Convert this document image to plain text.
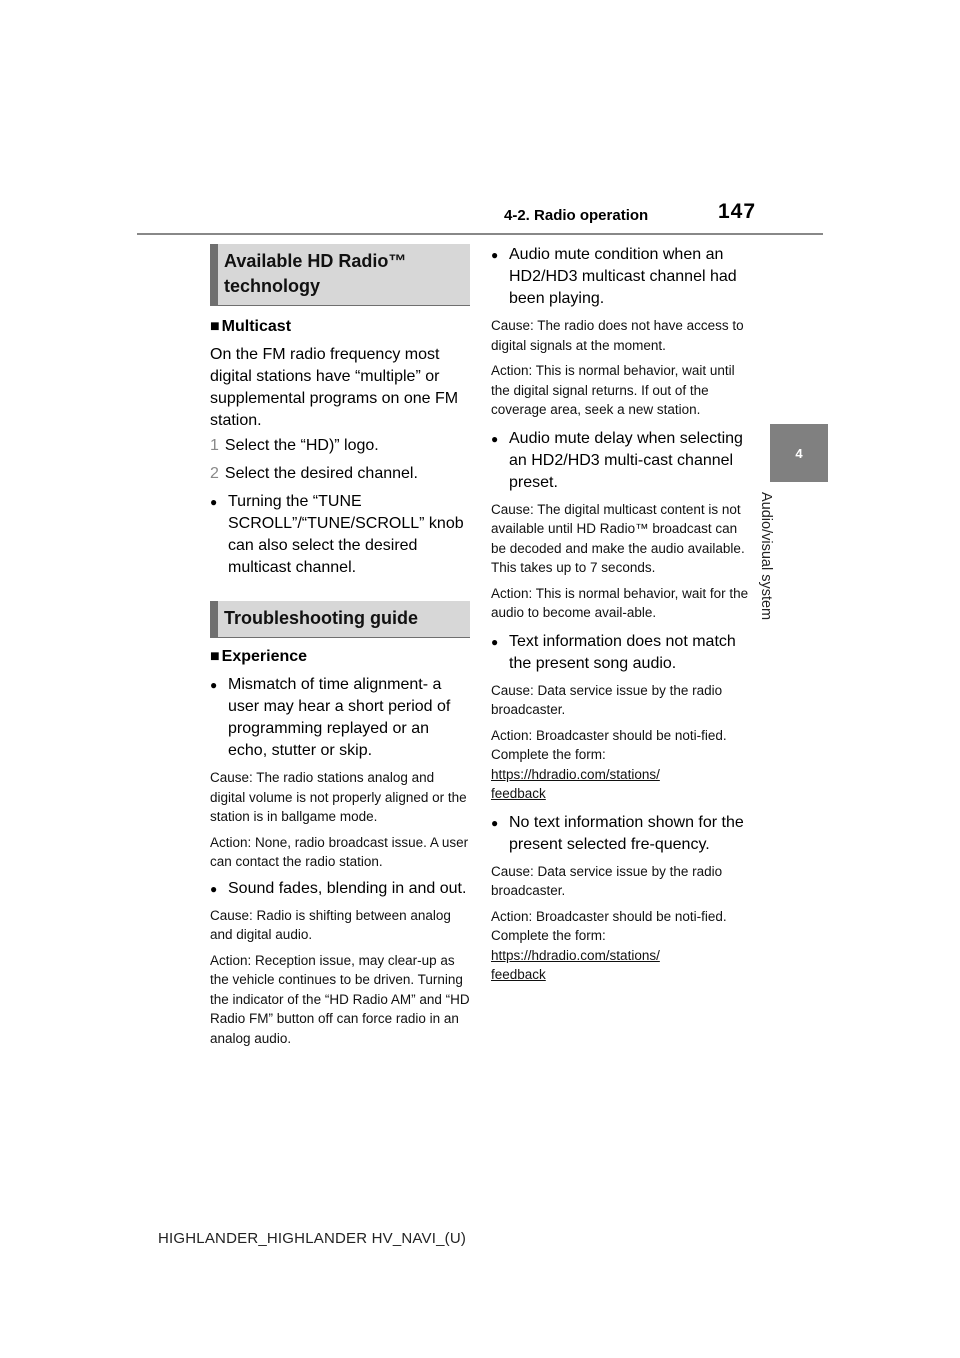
4-2. Radio operation	147
4
Audio/visual system
Available HD Radio™ technology
■ Multicast
On the FM radio frequency most digital stations have “multiple” or supplemental programs on one FM station.
1 Select the “HD)” logo.
2 Select the desired channel.
● Turning the “TUNE SCROLL”/“TUNE/SCROLL” knob can also select the desired multicast channel.
Troubleshooting guide
■ Experience
● Mismatch of time alignment- a user may hear a short period of programming replayed or an echo, stutter or skip.
Cause: The radio stations analog and digital volume is not properly aligned or the station is in ballgame mode.
Action: None, radio broadcast issue. A user can contact the radio station.
● Sound fades, blending in and out.
Cause: Radio is shifting between analog and digital audio.
Action: Reception issue, may clear-up as the vehicle continues to be driven. Turning the indicator of the “HD Radio AM” and “HD Radio FM” button off can force radio in an analog audio.
● Audio mute condition when an HD2/HD3 multicast channel had been playing.
Cause: The radio does not have access to digital signals at the moment.
Action: This is normal behavior, wait until the digital signal returns. If out of the coverage area, seek a new station.
● Audio mute delay when selecting an HD2/HD3 multi-cast channel preset.
Cause: The digital multicast content is not available until HD Radio™ broadcast can be decoded and make the audio available. This takes up to 7 seconds.
Action: This is normal behavior, wait for the audio to become avail-able.
● Text information does not match the present song audio.
Cause: Data service issue by the radio broadcaster.
Action: Broadcaster should be noti-fied. Complete the form:
https://hdradio.com/stations/
feedback
● No text information shown for the present selected fre-quency.
Cause: Data service issue by the radio broadcaster.
Action: Broadcaster should be noti-fied. Complete the form:
https://hdradio.com/stations/
feedback
HIGHLANDER_HIGHLANDER HV_NAVI_(U)
